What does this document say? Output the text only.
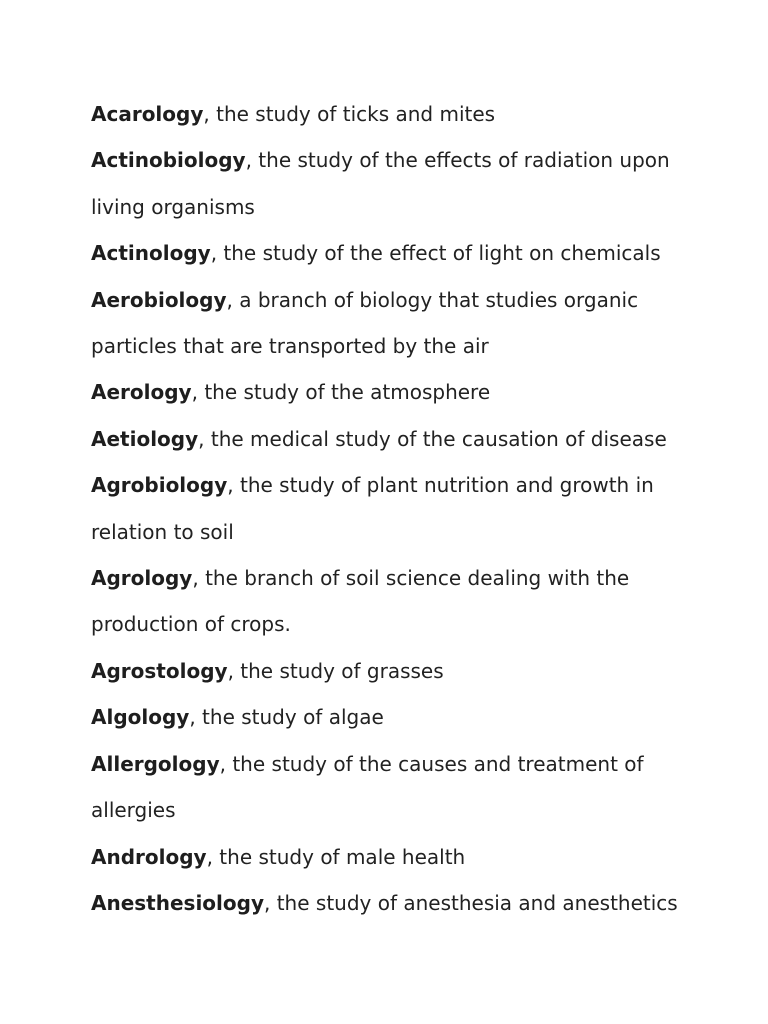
Acarology, the study of ticks and mites
Actinobiology, the study of the effects of radiation upon living organisms
Actinology, the study of the effect of light on chemicals
Aerobiology, a branch of biology that studies organic particles that are transported by the air
Aerology, the study of the atmosphere
Aetiology, the medical study of the causation of disease
Agrobiology, the study of plant nutrition and growth in relation to soil
Agrology, the branch of soil science dealing with the production of crops.
Agrostology, the study of grasses
Algology, the study of algae
Allergology, the study of the causes and treatment of allergies
Andrology, the study of male health
Anesthesiology, the study of anesthesia and anesthetics
